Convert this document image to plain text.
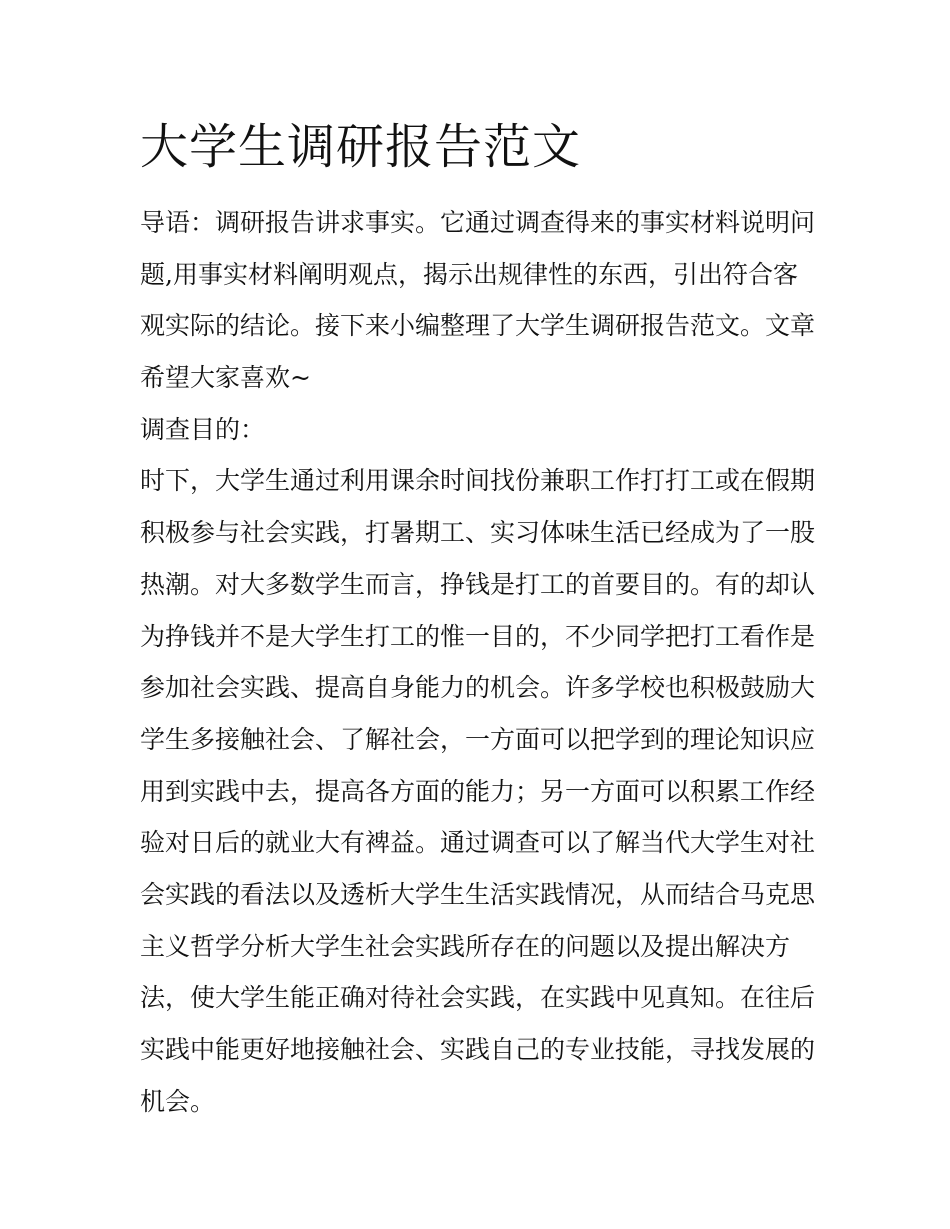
大学生调研报告范文
导语：调研报告讲求事实。它通过调查得来的事实材料说明问
题,用事实材料阐明观点，揭示出规律性的东西，引出符合客
观实际的结论。接下来小编整理了大学生调研报告范文。文章
希望大家喜欢~
调查目的：
时下，大学生通过利用课余时间找份兼职工作打打工或在假期
积极参与社会实践，打暑期工、实习体味生活已经成为了一股
热潮。对大多数学生而言，挣钱是打工的首要目的。有的却认
为挣钱并不是大学生打工的惟一目的，不少同学把打工看作是
参加社会实践、提高自身能力的机会。许多学校也积极鼓励大
学生多接触社会、了解社会，一方面可以把学到的理论知识应
用到实践中去，提高各方面的能力；另一方面可以积累工作经
验对日后的就业大有裨益。通过调查可以了解当代大学生对社
会实践的看法以及透析大学生生活实践情况，从而结合马克思
主义哲学分析大学生社会实践所存在的问题以及提出解决方
法，使大学生能正确对待社会实践，在实践中见真知。在往后
实践中能更好地接触社会、实践自己的专业技能，寻找发展的
机会。
